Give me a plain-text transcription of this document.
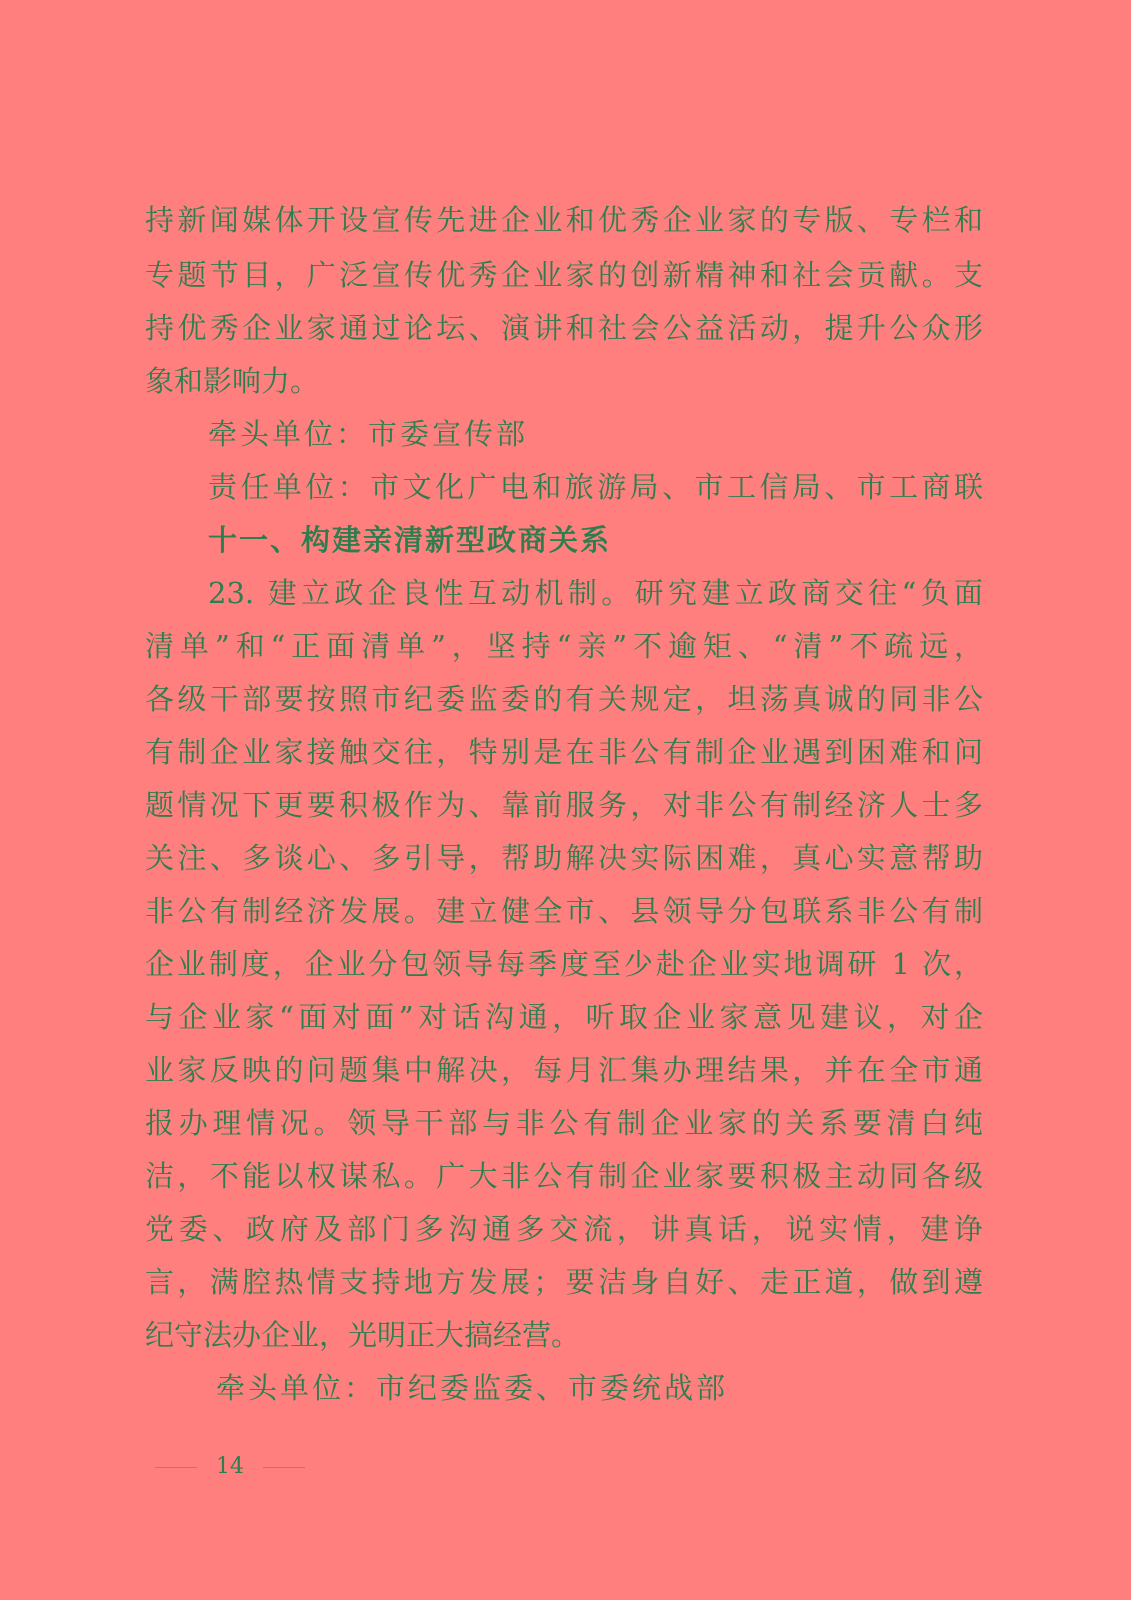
持新闻媒体开设宣传先进企业和优秀企业家的专版、专栏和
专题节目，广泛宣传优秀企业家的创新精神和社会贡献。支
持优秀企业家通过论坛、演讲和社会公益活动，提升公众形
象和影响力。
牵头单位：市委宣传部
责任单位：市文化广电和旅游局、市工信局、市工商联
十一、构建亲清新型政商关系
23. 建立政企良性互动机制。研究建立政商交往“负面
清单”和“正面清单”，坚持“亲”不逾矩、“清”不疏远，
各级干部要按照市纪委监委的有关规定，坦荡真诚的同非公
有制企业家接触交往，特别是在非公有制企业遇到困难和问
题情况下更要积极作为、靠前服务，对非公有制经济人士多
关注、多谈心、多引导，帮助解决实际困难，真心实意帮助
非公有制经济发展。建立健全市、县领导分包联系非公有制
企业制度，企业分包领导每季度至少赴企业实地调研 1 次，
与企业家“面对面”对话沟通，听取企业家意见建议，对企
业家反映的问题集中解决，每月汇集办理结果，并在全市通
报办理情况。领导干部与非公有制企业家的关系要清白纯
洁，不能以权谋私。广大非公有制企业家要积极主动同各级
党委、政府及部门多沟通多交流，讲真话，说实情，建诤
言，满腔热情支持地方发展；要洁身自好、走正道，做到遵
纪守法办企业，光明正大搞经营。
牵头单位：市纪委监委、市委统战部
14
